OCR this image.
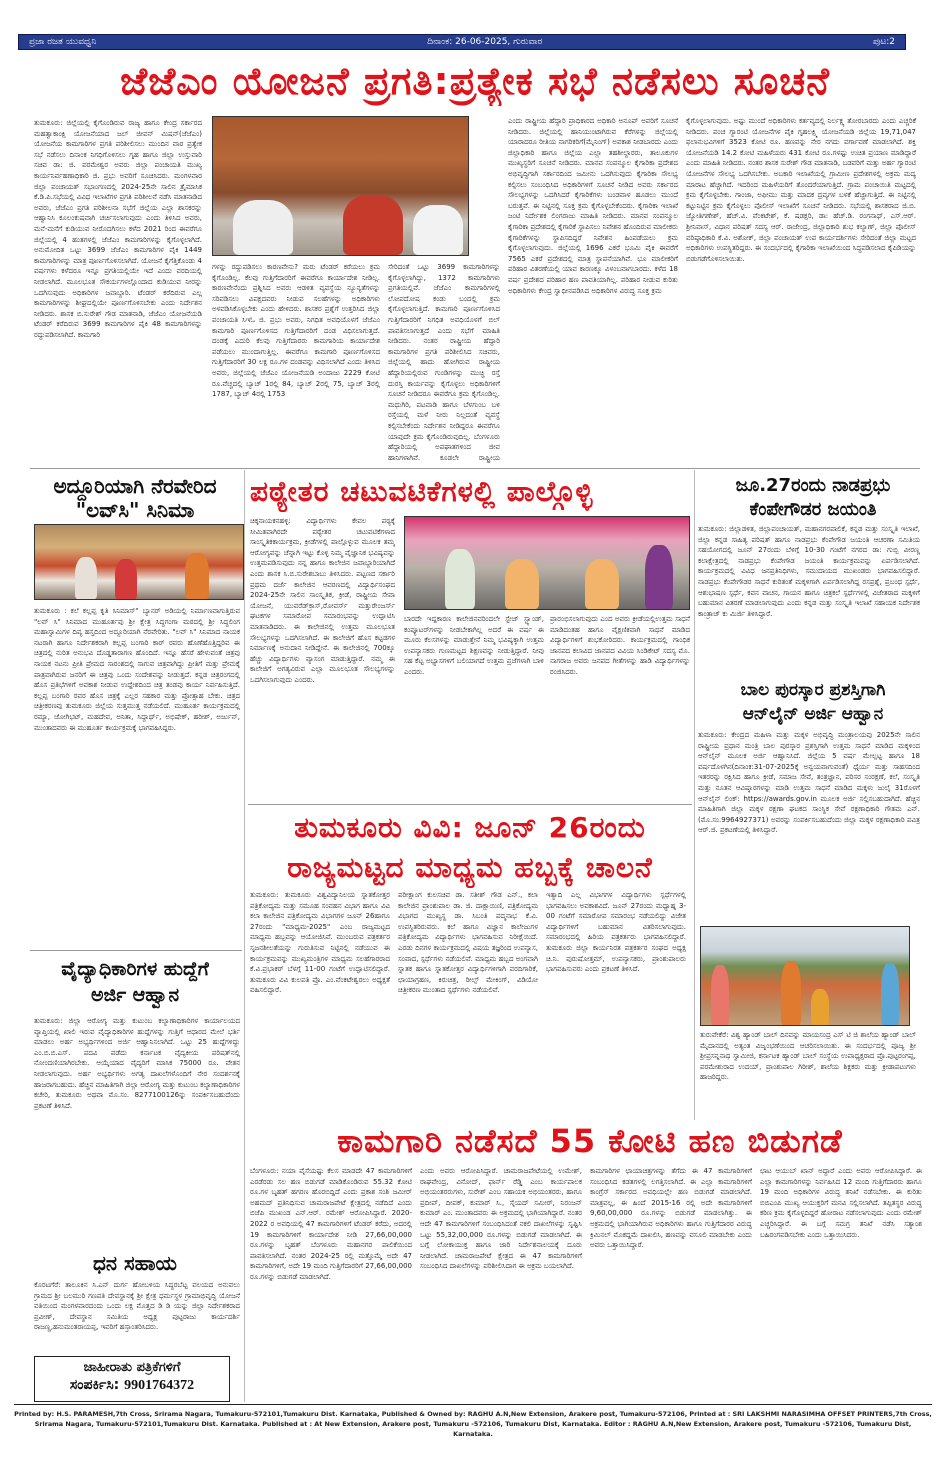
ಪ್ರಜಾ ರಜತ ಯುವಧ್ವನಿ	ದಿನಾಂಕ: 26-06-2025, ಗುರುವಾರ	ಪುಟ:2
ಜೆಜೆಎಂ ಯೋಜನೆ ಪ್ರಗತಿ:ಪ್ರತ್ಯೇಕ ಸಭೆ ನಡೆಸಲು ಸೂಚನೆ
ತುಮಕೂರು: ಜಿಲ್ಲೆಯಲ್ಲಿ ಕೈಗೊಂಡಿರುವ ರಾಜ್ಯ ಹಾಗೂ ಕೇಂದ್ರ ಸರ್ಕಾರದ ಮಹತ್ವಾಕಾಂಕ್ಷಿ ಯೋಜನೆಯಾದ ಜಲ್ ಜೀವನ್ ಮಿಷನ್(ಜೆಜೆಎಂ) ಯೋಜನೆಯ ಕಾಮಗಾರಿಗಳ ಪ್ರಗತಿ ಪರಿಶೀಲಿಸಲು ಮುಂದಿನ ವಾರ ಪ್ರತ್ಯೇಕ ಸಭೆ ನಡೆಸಲು ದಿನಾಂಕ ನಿಗಧಿಗೊಳಿಸಲು ಗೃಹ ಹಾಗೂ ಜಿಲ್ಲಾ ಉಸ್ತುವಾರಿ ಸಚಿವ ಡಾ: ಜಿ. ಪರಮೇಶ್ವರ ಅವರು ಜಿಲ್ಲಾ ಪಂಚಾಯತಿ ಮುಖ್ಯ ಕಾರ್ಯನಿರ್ವಹಣಾಧಿಕಾರಿ ಜಿ. ಪ್ರಭು ಅವರಿಗೆ ಸೂಚಿಸಿದರು. ಮಂಗಳವಾರ ಜಿಲ್ಲಾ ಪಂಚಾಯತ್ ಸಭಾಂಗಣದಲ್ಲಿ 2024-25ನೇ ಸಾಲಿನ ತ್ರೈಮಾಸಿಕ ಕೆ.ಡಿ.ಪಿ.ಸಭೆಯಲ್ಲಿ ವಿವಿಧ ಇಲಾಖೆಗಳ ಪ್ರಗತಿ ಪರಿಶೀಲನೆ ನಡೆಸಿ ಮಾತನಾಡಿದ ಅವರು, ಜೆಜೆಎಂ ಪ್ರಗತಿ ಪರಿಶೀಲನಾ ಸಭೆಗೆ ಜಿಲ್ಲೆಯ ಎಲ್ಲಾ ಶಾಸಕರನ್ನು ಆಹ್ವಾನಿಸಿ ಕೂಲಂಕುಷವಾಗಿ ಚರ್ಚಿಸಲಾಗುವುದು ಎಂದು ತಿಳಿಸಿದ ಅವರು, ಮನೆ-ಮನೆಗೆ ಕುಡಿಯುವ ನೀರೊದಗಿಸಲು ಕಳೆದ 2021 ರಿಂದ ಈವರೆಗೂ ಜಿಲ್ಲೆಯಲ್ಲಿ 4 ಹಂತಗಳಲ್ಲಿ ಜೆಜೆಎಂ ಕಾಮಗಾರಿಗಳನ್ನು ಕೈಗೊಳ್ಳಲಾಗಿದೆ. ಅನುಮೋದಿತ ಒಟ್ಟು 3699 ಜೆಜೆಎಂ ಕಾಮಗಾರಿಗಳ ಪೈಕಿ 1449 ಕಾಮಗಾರಿಗಳನ್ನು ಮಾತ್ರ ಪೂರ್ಣಗೊಳಿಸಲಾಗಿದೆ. ಯೋಜನೆ ಕೈಗೆತ್ತಿಕೊಂಡು 4 ವರ್ಷಗಳು ಕಳೆದರೂ ಇನ್ನೂ ಪ್ರಗತಿಯಲ್ಲಿಯೇ ಇದೆ ಎಂದು ವರದಿಯಲ್ಲಿ ನೀಡಲಾಗಿದೆ. ಮೂಲಭೂತ ಸೌಕರ್ಯಗಳಲ್ಲೊಂದಾದ ಕುಡಿಯುವ ನೀರನ್ನು ಒದಗಿಸುವುದು ಅಧಿಕಾರಿಗಳ ಜವಾಬ್ದಾರಿ. ಟೆಂಡರ್ ಕರೆದಿರುವ ಎಲ್ಲ ಕಾಮಗಾರಿಗಳನ್ನು ಶೀಘ್ರದಲ್ಲಿಯೇ ಪೂರ್ಣಗೊಳಿಸಬೇಕು ಎಂದು ನಿರ್ದೇಶನ ನೀಡಿದರು. ಶಾಸಕ ಬಿ.ಸುರೇಶ್ ಗೌಡ ಮಾತನಾಡಿ, ಜೆಜೆಎಂ ಯೋಜನೆಯಡಿ ಟೆಂಡರ್ ಕರೆದಿರುವ 3699 ಕಾಮಗಾರಿಗಳ ಪೈಕಿ 48 ಕಾಮಗಾರಿಗಳನ್ನು ರದ್ದುಪಡಿಸಲಾಗಿದೆ. ಕಾಮಗಾರಿ
ಗಳನ್ನು ರದ್ದುಪಡಿಸಲು ಕಾರಣವೇನು? ಮರು ಟೆಂಡರ್ ಕರೆಯಲು ಕ್ರಮ ಕೈಗೊಂಡಿಲ್ಲ. ಕೆಲವು ಗುತ್ತಿಗೆದಾರರಿಗೆ ಈವರೆಗೂ ಕಾರ್ಯಾದೇಶ ನೀಡಿಲ್ಲ. ಕಾರಣವೇನೆಂದು ಪ್ರಶ್ನಿಸಿದ ಅವರು ಆಡಳಿತ ವ್ಯವಸ್ಥೆಯ ನ್ಯೂನ್ಯತೆಗಳನ್ನು ಸರಿಪಡಿಸಲು ವಿಪಕ್ಷದವರು ನೀಡುವ ಸಲಹೆಗಳನ್ನು ಅಧಿಕಾರಿಗಳು ಅಳವಡಿಸಿಕೊಳ್ಳಬೇಕು ಎಂದು ಹೇಳಿದರು. ಶಾಸಕರ ಪ್ರಶ್ನೆಗೆ ಉತ್ತರಿಸಿದ ಜಿಲ್ಲಾ ಪಂಚಾಯತಿ ಸಿಇಓ ಜಿ. ಪ್ರಭು ಅವರು, ನಿಗಧಿತ ಅವಧಿಯೊಳಗೆ ಜೆಜೆಎಂ ಕಾಮಗಾರಿ ಪೂರ್ಣಗೊಳಿಸದ ಗುತ್ತಿಗೆದಾರರಿಗೆ ದಂಡ ವಿಧಿಸಲಾಗುತ್ತದೆ. ದಂಡಕ್ಕೆ ಎದುರಿ ಕೆಲವು ಗುತ್ತಿಗೆದಾರರು ಕಾಮಗಾರಿಯ ಕಾರ್ಯಾದೇಶ ಪಡೆಯಲು ಮುಂದಾಗುತ್ತಿಲ್ಲ. ಈವರೆಗೂ ಕಾಮಗಾರಿ ಪೂರ್ಣಗೊಳಿಸದ ಗುತ್ತಿಗೆದಾರರಿಗೆ 30 ಲಕ್ಷ ರೂ.ಗಳ ದಂಡವನ್ನು ವಿಧಿಸಲಾಗಿದೆ ಎಂದು ತಿಳಿಸಿದ ಅವರು, ಜಿಲ್ಲೆಯಲ್ಲಿ ಜೆಜೆಎಂ ಯೋಜನೆಯಡಿ ಅಂದಾಜು 2229 ಕೋಟಿ ರೂ.ವೆಚ್ಚದಲ್ಲಿ ಬ್ಯಾಚ್ 1ರಲ್ಲಿ 84, ಬ್ಯಾಚ್ 2ರಲ್ಲಿ 75, ಬ್ಯಾಚ್ 3ರಲ್ಲಿ 1787, ಬ್ಯಾಚ್ 4ರಲ್ಲಿ 1753
ಸೇರಿದಂತೆ ಒಟ್ಟು 3699 ಕಾಮಗಾರಿಗಳನ್ನು ಕೈಗೊಳ್ಳಲಾಗಿದ್ದು, 1372 ಕಾಮಗಾರಿಗಳು ಪ್ರಗತಿಯಲ್ಲಿವೆ. ಜೆಜೆಎಂ ಕಾಮಗಾರಿಗಳಲ್ಲಿ ಲೋಪದೋಷ ಕಂಡು ಬಂದಲ್ಲಿ ಕ್ರಮ ಕೈಗೊಳ್ಳಲಾಗುತ್ತಿದೆ. ಕಾಮಗಾರಿ ಪೂರ್ಣಗೊಳಿಸಿದ ಗುತ್ತಿಗೆದಾರರಿಗೆ ನಿಗಧಿತ ಅವಧಿಯೊಳಗೆ ಬಿಲ್ ಪಾವತಿಸಲಾಗುತ್ತದೆ ಎಂದು ಸಭೆಗೆ ಮಾಹಿತಿ ನೀಡಿದರು. ನಂತರ ರಾಷ್ಟ್ರೀಯ ಹೆದ್ದಾರಿ ಕಾಮಗಾರಿಗಳ ಪ್ರಗತಿ ಪರಿಶೀಲಿಸಿದ ಸಚಿವರು, ಜಿಲ್ಲೆಯಲ್ಲಿ ಹಾದು ಹೋಗಿರುವ ರಾಷ್ಟ್ರೀಯ ಹೆದ್ದಾರಿಯಲ್ಲಿರುವ ಗುಂಡಿಗಳನ್ನು ಮುಚ್ಚಿ ರಸ್ತೆ ದುರಸ್ತಿ ಕಾರ್ಯವನ್ನು ಕೈಗೊಳ್ಳಲು ಅಧಿಕಾರಿಗಳಿಗೆ ಸೂಚನೆ ನೀಡಿದರೂ ಈವರೆಗೂ ಕ್ರಮ ಕೈಗೊಂಡಿಲ್ಲ. ಮಧುಗಿರಿ, ಪಟವಾಡಿ ಹಾಗೂ ಬೆಳಗುಂಬ ಬಳಿ ರಸ್ತೆಯಲ್ಲಿ ಮಳೆ ನೀರು ನಿಲ್ಲದಂತೆ ವ್ಯವಸ್ಥೆ ಕಲ್ಪಿಸಬೇಕೆಂದು ನಿರ್ದೇಶನ ನೀಡಿದ್ದರೂ ಈವರೆಗೂ ಯಾವುದೇ ಕ್ರಮ ಕೈಗೊಂಡಿರುವುದಿಲ್ಲ. ಬೆಂಗಳೂರು ಹೆದ್ದಾರಿಯಲ್ಲಿ ಅಪಘಾತಗಳಿಂದ ಜೀವ ಹಾನಿಗಳಾಗಿವೆ. ಕೂಡಲೇ ರಾಷ್ಟ್ರೀಯ
ಎಂದು ರಾಷ್ಟ್ರೀಯ ಹೆದ್ದಾರಿ ಪ್ರಾಧಿಕಾರದ ಅಧಿಕಾರಿ ಅನೂಪ್ ಅವರಿಗೆ ಸೂಚನೆ ನೀಡಿದರು. ಜಿಲ್ಲೆಯಲ್ಲಿ ಹಾನಿಯುಂಟಾಗಿರುವ ಕೆರೆಗಳನ್ನು ಜಿಲ್ಲೆಯಲ್ಲಿ ಯಾರಾದರೂ ರೀತಿಯ ನಾಗರಿಕರಿಗೆ(ಮೈನಿಂಗ್) ಅವಕಾಶ ನೀಡಬಾರದು ಎಂದು ಜಿಲ್ಲಾಧಿಕಾರಿ ಹಾಗೂ ಜಿಲ್ಲೆಯ ಎಲ್ಲಾ ತಹಶೀಲ್ದಾರರು, ತಾಲೂಕುಗಳ ಮುಖ್ಯಸ್ಥರಿಗೆ ಸೂಚನೆ ನೀಡಿದರು. ಮಾನವ ಸಂಪನ್ಮೂಲ ಕೈಗಾರಿಕಾ ಪ್ರದೇಶದ ಅಭಿವೃದ್ಧಿಗಾಗಿ ಸರ್ಕಾರದಿಂದ ಜಮೀನು ಒದಗಿಸುವುದು ಕೈಗಾರಿಕಾ ಸೌಲಭ್ಯ ಕಲ್ಪಿಸಲು ಸಂಬಂಧಿಸಿದ ಅಧಿಕಾರಿಗಳಿಗೆ ಸೂಚನೆ ನೀಡಿದ ಅವರು ಸರ್ಕಾರದ ಸೌಲಭ್ಯಗಳನ್ನು ಒದಗಿಸಿದರೆ ಕೈಗಾರಿಕೆಗಳು ಬಂಡವಾಳ ಹೂಡಲು ಮುಂದೆ ಬರುತ್ತವೆ. ಈ ನಿಟ್ಟಿನಲ್ಲಿ ಸೂಕ್ತ ಕ್ರಮ ಕೈಗೊಳ್ಳಬೇಕೆಂದರು. ಕೈಗಾರಿಕಾ ಇಲಾಖೆ ಜಂಟಿ ನಿರ್ದೇಶಕ ಲಿಂಗರಾಜು ಮಾಹಿತಿ ನೀಡಿದರು. ಮಾನವ ಸಂಪನ್ಮೂಲ ಕೈಗಾರಿಕಾ ಪ್ರದೇಶದಲ್ಲಿ ಕೈಗಾರಿಕೆ ಸ್ಥಾಪಿಸಲು ನಿವೇಶನ ಹೊಂದಿರುವ ಮಾಲೀಕರು ಕೈಗಾರಿಕೆಗಳನ್ನು ಸ್ಥಾಪಿಸದಿದ್ದರೆ ನಿವೇಶನ ಹಿಂಪಡೆಯಲು ಕ್ರಮ ಕೈಗೊಳ್ಳಲಾಗುವುದು. ಜಿಲ್ಲೆಯಲ್ಲಿ 1696 ಎಕರೆ ಭೂಮಿ ಪೈಕಿ ಈವರೆಗೆ 7565 ಎಕರೆ ಪ್ರದೇಶದಲ್ಲಿ ಮಾತ್ರ ಸ್ಥಾಪನೆಯಾಗಿವೆ. ಭೂ ಮಾಲೀಕರಿಗೆ ಪರಿಹಾರ ವಿತರಣೆಯಲ್ಲಿ ಯಾವ ಕಾರಣಕ್ಕೂ ವಿಳಂಬವಾಗಬಾರದು. ಕಳೆದ 18 ವರ್ಷ ಪ್ರದೇಶದ ಪರಿಹಾರ ಹಣ ಪಾವತಿಯಾಗಿಲ್ಲ. ಪರಿಹಾರ ನೀಡುವ ಕುರಿತು ಅಧಿಕಾರಿಗಳು ಕೇಂದ್ರ ಸ್ವಾಧೀನಪಡಿಸಿದ ಅಧಿಕಾರಿಗಳ ವಿರುದ್ಧ ಸೂಕ್ತ ಕ್ರಮ
ಕೈಗೊಳ್ಳಲಾಗುವುದು. ಅಷ್ಟು ಮುಂದೆ ಅಧಿಕಾರಿಗಳು ಕರ್ತವ್ಯದಲ್ಲಿ ನಿರ್ಲಕ್ಷ್ಯ ತೋರಬಾರದು ಎಂದು ಎಚ್ಚರಿಕೆ ನೀಡಿದರು. ಪಂಚ ಗ್ಯಾರಂಟಿ ಯೋಜನೆಗಳ ಪೈಕಿ ಗೃಹಲಕ್ಷ್ಮಿ ಯೋಜನೆಯಡಿ ಜಿಲ್ಲೆಯ 19,71,047 ಫಲಾನುಭವಿಗಳಿಗೆ 3523 ಕೋಟಿ ರೂ. ಹಣವನ್ನು ನೇರ ನಗದು ವರ್ಗಾವಣೆ ಮಾಡಲಾಗಿದೆ. ಶಕ್ತಿ ಯೋಜನೆಯಡಿ 14.2 ಕೋಟಿ ಮಹಿಳೆಯರು 431 ಕೋಟಿ ರೂ.ಗಳಷ್ಟು ಉಚಿತ ಪ್ರಯಾಣ ಮಾಡಿದ್ದಾರೆ ಎಂದು ಮಾಹಿತಿ ನೀಡಿದರು. ನಂತರ ಶಾಸಕ ಸುರೇಶ್ ಗೌಡ ಮಾತನಾಡಿ, ಬಡವರಿಗೆ ಮತ್ತು ಅರ್ಹ ಗ್ಯಾರಂಟಿ ಯೋಜನೆಗಳ ಸೌಲಭ್ಯ ಒದಗಿಸಬೇಕು. ಅಬಕಾರಿ ಇಲಾಖೆಯಲ್ಲಿ ಗ್ರಾಮೀಣ ಪ್ರದೇಶಗಳಲ್ಲಿ ಅಕ್ರಮ ಮದ್ಯ ಮಾರಾಟ ಹೆಚ್ಚಾಗಿದೆ. ಇದರಿಂದ ಮಹಿಳೆಯರಿಗೆ ತೊಂದರೆಯಾಗುತ್ತಿದೆ. ಗ್ರಾಮ ಪಂಚಾಯಿತಿ ಮಟ್ಟದಲ್ಲಿ ಕ್ರಮ ಕೈಗೊಳ್ಳಬೇಕು. ಗಾಂಜಾ, ಅಫೀಮು ಮತ್ತು ಮಾದಕ ದ್ರವ್ಯಗಳ ಬಳಕೆ ಹೆಚ್ಚಾಗುತ್ತಿದೆ. ಈ ನಿಟ್ಟಿನಲ್ಲಿ ಕಟ್ಟುನಿಟ್ಟಿನ ಕ್ರಮ ಕೈಗೊಳ್ಳಲು ಪೊಲೀಸ್ ಇಲಾಖೆಗೆ ಸೂಚನೆ ನೀಡಿದರು. ಸಭೆಯಲ್ಲಿ ಶಾಸಕರಾದ ಜಿ.ಬಿ. ಜ್ಯೋತಿಗಣೇಶ್, ಹೆಚ್.ವಿ. ವೆಂಕಟೇಶ್, ಕೆ. ಷಡಕ್ಷರಿ, ಡಾ: ಹೆಚ್.ಡಿ. ರಂಗನಾಥ್, ಎಸ್.ಆರ್. ಶ್ರೀನಿವಾಸ್, ವಿಧಾನ ಪರಿಷತ್ ಸದಸ್ಯ ಆರ್. ರಾಜೇಂದ್ರ, ಜಿಲ್ಲಾಧಿಕಾರಿ ಶುಭ ಕಲ್ಯಾಣ್, ಜಿಲ್ಲಾ ಪೊಲೀಸ್ ವರಿಷ್ಠಾಧಿಕಾರಿ ಕೆ.ವಿ. ಅಶೋಕ್, ಜಿಲ್ಲಾ ಪಂಚಾಯತ್ ಉಪ ಕಾರ್ಯದರ್ಶಿಗಳು ಸೇರಿದಂತೆ ಜಿಲ್ಲಾ ಮಟ್ಟದ ಅಧಿಕಾರಿಗಳು ಉಪಸ್ಥಿತರಿದ್ದರು. ಈ ಸಂದರ್ಭದಲ್ಲಿ ಕೈಗಾರಿಕಾ ಇಲಾಖೆಯಿಂದ ಸಿದ್ಧಪಡಿಸಲಾದ ಕೈಪಿಡಿಯನ್ನು ಬಿಡುಗಡೆಗೊಳಿಸಲಾಯಿತು.
ಅದ್ದೂರಿಯಾಗಿ ನೆರವೇರಿದ
"ಲವ್‌ಸಿ" ಸಿನಿಮಾ
ತುಮಕೂರು : ಕಲೆ ಕಲ್ಲಪ್ಪ ಕೃತಿ ಸಿನಿಮಾಸ್" ಬ್ಯಾನರ್ ಅಡಿಯಲ್ಲಿ ನಿರ್ಮಾಣವಾಗುತ್ತಿರುವ "ಲವ್ ಸಿ" ಸಿನಿಮಾದ ಮುಹೂರ್ತವು ಶ್ರೀ ಕ್ಷೇತ್ರ ಸಿದ್ಧಗಂಗಾ ಮಠದಲ್ಲಿ ಶ್ರೀ ಸಿದ್ಧಲಿಂಗ ಮಹಾಸ್ವಾಮಿಗಳ ದಿವ್ಯ ಹಸ್ತದಿಂದ ಅದ್ದೂರಿಯಾಗಿ ನೆರವೇರಿತು. "ಲವ್ ಸಿ" ಸಿನಿಮಾದ ನಾಯಕ ನಟರಾಗಿ ಹಾಗೂ ನಿರ್ದೇಶಕರಾಗಿ ಕಲ್ಲಪ್ಪ ಬಂಗಾರಿ ಕಾರ್ ರವರು ಹೊಣೆಹೊತ್ತಿದ್ದರಿವ ಈ ಚಿತ್ರದಲ್ಲಿ ನುರಿತ ಅನುಭವಿ ದೊಡ್ಡತಾರಾಗಣ ಹೊಂದಿದೆ. ಇನ್ನೂ ಹೆಸರೆ ಹೇಳುವಂತೆ ಚಿತ್ರವು ನಾಯಕ ನಟನು ಪ್ರೀತಿ ಪ್ರೇಮದ ಸಾರಂಶದಲ್ಲಿ ಸಾಗುವ ಚಿತ್ರವಾಗಿದ್ದು ಪ್ರೀತಿಗೆ ಮತ್ತು ಪ್ರೇಮಕ್ಕೆ ಪಾತ್ರವಾಗಿರುವ ಜನರಿಗೆ ಈ ಚಿತ್ರವು ಒಂದು ಸಂದೇಶವನ್ನು ನೀಡುತ್ತದೆ. ಕನ್ನಡ ಚಿತ್ರರಂಗದಲ್ಲಿ ಹೊಸ ಪ್ರತಿಭೆಗಳಿಗೆ ಅವಕಾಶ ನೀಡುವ ಉದ್ದೇಶದಿಂದ ಚಿತ್ರ ತಂಡವು ಕಾರ್ಯ ನಿರ್ವಹಿಸುತ್ತಿದೆ. ಕಲ್ಲಪ್ಪ ಬಂಗಾರಿ ರವರ ಹೊಸ ಚಿತ್ರಕ್ಕೆ ಎಲ್ಲರ ಸಹಕಾರ ಮತ್ತು ಪ್ರೋತ್ಸಾಹ ಬೇಕು. ಚಿತ್ರದ ಚಿತ್ರೀಕರಣವು ತುಮಕೂರು ಜಿಲ್ಲೆಯ ಸುತ್ತಮುತ್ತ ನಡೆಯಲಿದೆ. ಮುಹೂರ್ತ ಕಾರ್ಯಕ್ರಮದಲ್ಲಿ ರಮ್ಯಾ, ಜೋಗಿಭಟ್, ಮಹದೇವ, ಅನಿತಾ, ಸಿದ್ದಾರ್ಥ್, ಅಭಿಷೇಕ್, ಹರೀಶ್, ಅರ್ಜುನ್, ಮುಂತಾದವರು ಈ ಮುಹೂರ್ತ ಕಾರ್ಯಕ್ರಮಕ್ಕೆ ಭಾಗವಹಿಸಿದ್ದರು.
ಪಠ್ಯೇತರ ಚಟುವಟಿಕೆಗಳಲ್ಲಿ ಪಾಲ್ಗೊಳ್ಳಿ
ಚಿಕ್ಕನಾಯಕನಹಳ್ಳಿ: ವಿದ್ಯಾರ್ಥಿಗಳು ಕೇವಲ ಪಠ್ಯಕ್ಕೆ ಸೀಮಿತವಾಗಿರದೇ ಪಠ್ಯೇತರ ಚಟುವಟಿಕೆಗಳಾದ ಸಾಂಸ್ಕೃತಿಕಕಾರ್ಯಕ್ರಮ, ಕ್ರೀಡೆಗಳಲ್ಲಿ ಪಾಲ್ಗೊಳ್ಳುವ ಮೂಲಕ ತಮ್ಮ ಆರೋಗ್ಯವನ್ನು ಚೆನ್ನಾಗಿ ಇಟ್ಟು ಕೊಳ್ಳಿ ನಿಮ್ಮ ವೈಜ್ಞಾನಿಕ ಭವಿಷ್ಯವನ್ನು ಉತ್ತಮಪಡಿಸುವುದು ನನ್ನ ಹಾಗೂ ಕಾಲೇಜಿನ ಜವಾಬ್ದಾರಿಯಾಗಿದೆ ಎಂದು ಶಾಸಕ ಸಿ.ಬಿ.ಸುರೇಶಬಾಬು ತಿಳಿಸಿದರು. ಪಟ್ಟಣದ ಸರ್ಕಾರಿ ಪ್ರಥಮ ದರ್ಜೆ ಕಾಲೇಜಿನ ಆವರಣದಲ್ಲಿ ವಿದ್ಯಾರ್ಥಿಸಂಘದ 2024-25ನೇ ಸಾಲಿನ ಸಾಂಸ್ಕೃತಿಕ, ಕ್ರೀಡೆ, ರಾಷ್ಟ್ರೀಯ ಸೇವಾ ಯೋಜನೆ, ಯುವರೆಡ್‌ಕ್ರಾಸ್,ರೋವರ್ಸ್ ಮತ್ತುರೇಂಜರ್ಸ್ ಘಟಕಗಳ ಸಮಾರೋಪ ಸಮಾರಂಭವನ್ನು ಉದ್ಘಾಟಿಸಿ ಮಾತನಾಡಿದರು. ಈ ಕಾಲೇಜಿನಲ್ಲಿ ಉತ್ತಮ ಮೂಲಭೂತ ಸೌಲಭ್ಯಗಳನ್ನು ಒದಗಿಸಲಾಗಿದೆ. ಈ ಕಾಲೇಜಿಗೆ ಹೊಸ ಕಟ್ಟಡಗಳ ನಿರ್ಮಾಣಕ್ಕೆ ಅನುದಾನ ನೀಡಿದ್ದೇನೆ. ಈ ಕಾಲೇಜಿನಲ್ಲಿ 700ಕ್ಕೂ ಹೆಚ್ಚು ವಿದ್ಯಾರ್ಥಿಗಳು ವ್ಯಾಸಂಗ ಮಾಡುತ್ತಿದ್ದಾರೆ. ನಮ್ಮ ಈ ಕಾಲೇಜಿಗೆ ಅಗತ್ಯವಿರುವ ಎಲ್ಲಾ ಮೂಲಭೂತ ಸೌಲಭ್ಯಗಳನ್ನು ಒದಗಿಸಲಾಗುವುದು ಎಂದರು.
ಬಾರದೇ ಇದ್ದಕಾರಣ ಕಾಲೇಜಿನವರಿಂದಲೇ ಸ್ಟೇಜ್ ಸ್ಟ್ಯಾಂಡ್, ಕಂಪ್ಯೂಟರ್‌ಗಳನ್ನು ನೀಡಬೇಕಾಗಿಲ್ಲ ಅದರೆ ಈ ವರ್ಷ ಈ ಮೂರು ಕೆಲಸಗಳನ್ನು ಮಾಡುತ್ತೇನೆ ನಿಮ್ಮ ಭವಿಷ್ಯಕ್ಕಾಗಿ ಉತ್ತಮ ಉಪನ್ಯಾಸಕರು ಗುಣಮಟ್ಟದ ಶಿಕ್ಷಣವನ್ನು ನೀಡುತ್ತಿದ್ದಾರೆ. ನೀವು ಸಹ ಕೆಟ್ಟ ಅಭ್ಯಾಸಗಳಿಗೆ ಬಲಿಯಾಗದೆ ಉತ್ತಮ ಪ್ರಜೆಗಳಾಗಿ ಬಾಳಿ ಎಂದರು.
ಪ್ರಾರಂಭಿಸಲಾಗುವುದು ಎಂದ ಅವರು ಕ್ರೀಡೆಯಲ್ಲಿಉತ್ತಮ ಸಾಧನೆ ಮಾಡಿದಂತಹ ಹಾಗೂ ವೈಕ್ಷಣಿಕವಾಗಿ ಸಾಧನೆ ಮಾಡಿದ ವಿದ್ಯಾರ್ಥಿಗಳಿಗೆ ಶುಭಕೋರಿದರು. ಕಾರ್ಯಕ್ರಮದಲ್ಲಿ ಗಾಂಧಿಕ ಜಾನಪದ ಕಲಾವಿದ ಜಾನಪದ ವಿವಿಯ ಸಿಂಡಿಕೇಟ್ ಸದಸ್ಯ ಮೊ. ನಾಗರಾಜ ಅವರು ಜನಪದ ಗೀತೆಗಳನ್ನು ಹಾಡಿ ವಿದ್ಯಾರ್ಥಿಗಳನ್ನು ರಂಜಿಸಿದರು.
ಜೂ.27ರಂದು ನಾಡಪ್ರಭು
ಕೆಂಪೇಗೌಡರ ಜಯಂತಿ
ತುಮಕೂರು: ಜಿಲ್ಲಾಡಳಿತ, ಜಿಲ್ಲಾಪಂಚಾಯತ್, ಮಹಾನಗರಪಾಲಿಕೆ, ಕನ್ನಡ ಮತ್ತು ಸಂಸ್ಕೃತಿ ಇಲಾಖೆ, ಜಿಲ್ಲಾ ಕನ್ನಡ ಸಾಹಿತ್ಯ ಪರಿಷತ್ ಹಾಗೂ ನಾಡಪ್ರಭು ಕೆಂಪೇಗೌಡ ಜಯಂತಿ ಆಚರಣಾ ಸಮಿತಿಯ ಸಹಯೋಗದಲ್ಲಿ ಜೂನ್ 27ರಂದು ಬೆಳಿಗ್ಗೆ 10-30 ಗಂಟೆಗೆ ನಗರದ ಡಾ: ಗುಬ್ಬಿ ವೀರಣ್ಣ ಕಲಾಕ್ಷೇತ್ರದಲ್ಲಿ ನಾಡಪ್ರಭು ಕೆಂಪೇಗೌಡ ಜಯಂತಿ ಕಾರ್ಯಕ್ರಮವನ್ನು ಏರ್ಪಡಿಸಲಾಗಿದೆ. ಕಾರ್ಯಕ್ರಮದಲ್ಲಿ ವಿವಿಧ ಜನಪ್ರತಿನಿಧಿಗಳು, ಸಮುದಾಯದ ಮುಖಂಡರು ಭಾಗವಹಿಸಲಿದ್ದಾರೆ. ನಾಡಪ್ರಭು ಕೆಂಪೇಗೌಡರ ಸಾಧನೆ ಕುರಿತಂತೆ ಮಕ್ಕಳಿಗಾಗಿ ಏರ್ಪಡಿಸಲಾಗಿದ್ದ ರಸಪ್ರಶ್ನೆ, ಪ್ರಬಂಧ ಸ್ಪರ್ಧೆ, ಆಶುಭಾಷಣ ಸ್ಪರ್ಧೆ, ಕವನ ವಾಚನ, ಗಾಯನ ಹಾಗೂ ಚಿತ್ರಕಲೆ ಸ್ಪರ್ಧೆಗಳಲ್ಲಿ ವಿಜೇತರಾದ ಮಕ್ಕಳಿಗೆ ಬಹುಮಾನ ವಿತರಣೆ ಮಾಡಲಾಗುವುದು ಎಂದು ಕನ್ನಡ ಮತ್ತು ಸಂಸ್ಕೃತಿ ಇಲಾಖೆ ಸಹಾಯಕ ನಿರ್ದೇಶಕ ಕಾಂತ್ರಾಜ್ ಕು ಮಿರ್ಜಿ ತಿಳಿಸಿದ್ದಾರೆ.
ಬಾಲ ಪುರಸ್ಕಾರ ಪ್ರಶಸ್ತಿಗಾಗಿ
ಆನ್‌ಲೈನ್ ಅರ್ಜಿ ಆಹ್ವಾನ
ತುಮಕೂರು: ಕೇಂದ್ರದ ಮಹಿಳಾ ಮತ್ತು ಮಕ್ಕಳ ಅಭಿವೃದ್ಧಿ ಮಂತ್ರಾಲಯವು 2025ನೇ ಸಾಲಿನ ರಾಷ್ಟ್ರೀಯ ಪ್ರಧಾನ ಮಂತ್ರಿ ಬಾಲ ಪುರಸ್ಕಾರ ಪ್ರಶಸ್ತಿಗಾಗಿ ಉತ್ತಮ ಸಾಧನೆ ಮಾಡಿದ ಮಕ್ಕಳಿಂದ ಆನ್‌ಲೈನ್ ಮೂಲಕ ಅರ್ಜಿ ಆಹ್ವಾನಿಸಿದೆ. ಜಿಲ್ಲೆಯ 5 ವರ್ಷ ಮೇಲ್ಪಟ್ಟ ಹಾಗೂ 18 ವರ್ಷದೊಳಗಿನ(ದಿನಾಂಕ:31-07-2025ಕ್ಕೆ ಅನ್ವಯವಾಗುವಂತೆ) ಧೈರ್ಯ ಮತ್ತು ಸಾಹಸದಿಂದ ಇತರರನ್ನು ರಕ್ಷಿಸಿದ ಹಾಗೂ ಕ್ರೀಡೆ, ಸಮಾಜ ಸೇವೆ, ತಂತ್ರಜ್ಞಾನ, ಪರಿಸರ ಸಂರಕ್ಷಣೆ, ಕಲೆ, ಸಂಸ್ಕೃತಿ ಮತ್ತು ನೂತನ ಆವಿಷ್ಕಾರಗಳನ್ನು ಮಾಡಿ ಉತ್ತಮ ಸಾಧನೆ ಮಾಡಿದ ಮಕ್ಕಳು ಜುಲೈ 31ರೊಳಗೆ ಆನ್‌ಲೈನ್ ಲಿಂಕ್: https://awards.gov.in ಮೂಲಕ ಅರ್ಜಿ ಸಲ್ಲಿಸಬಹುದಾಗಿದೆ. ಹೆಚ್ಚಿನ ಮಾಹಿತಿಗಾಗಿ ಜಿಲ್ಲಾ ಮಕ್ಕಳ ರಕ್ಷಣಾ ಘಟಕದ ಸಾಂಸ್ಥಿಕ ಸೇವೆ ರಕ್ಷಣಾಧಿಕಾರಿ ಗೌತಮ ಎನ್.(ಮೊ.ಸಂ.9964927371) ಅವರನ್ನು ಸಂಪರ್ಕಿಸಬಹುದೆಂದು ಜಿಲ್ಲಾ ಮಕ್ಕಳ ರಕ್ಷಣಾಧಿಕಾರಿ ಪವಿತ್ರ ಆರ್.ಜಿ. ಪ್ರಕಟಣೆಯಲ್ಲಿ ತಿಳಿಸಿದ್ದಾರೆ.
ತುರುವೇಕೆರೆ: ವಿಶ್ವ ಹ್ಯಾಂಡ್ ಬಾಲ್ ದಿನವನ್ನು ಮಾಯಸಂದ್ರ ಎಸ್ ಟಿ ಜಿ ಶಾಲೆಯ ಹ್ಯಾಂಡ್ ಬಾಲ್ ಮೈದಾನದಲ್ಲಿ ಅತ್ಯಂತ ವಿಜೃಂಭಣೆಯಿಂದ ಆಚರಿಸಲಾಯಿತು. ಈ ಸಂದರ್ಭದಲ್ಲಿ ಪೂಜ್ಯ ಶ್ರೀ ಶ್ರೀಪ್ರಸನ್ನನಾಥ ಸ್ವಾಮೀಜಿ, ಕರ್ನಾಟಕ ಹ್ಯಾಂಡ್ ಬಾಲ್ ಸಂಸ್ಥೆಯ ಉಪಾಧ್ಯಕ್ಷರಾದ ಪ್ರೊ.ಪುಟ್ಟರಂಗಪ್ಪ, ಪರಮೇಶುರಾದ ಉದಯ್, ಪ್ರಾಂಶುಪಾಲ ಗಿರೀಶ್, ಶಾಲೆಯ ಶಿಕ್ಷಕರು ಮತ್ತು ಕ್ರೀಡಾಪಟುಗಳು ಹಾಜರಿದ್ದರು.
ತುಮಕೂರು ವಿವಿ: ಜೂನ್ 26ರಂದು
ರಾಜ್ಯಮಟ್ಟದ ಮಾಧ್ಯಮ ಹಬ್ಬಕ್ಕೆ ಚಾಲನೆ
ತುಮಕೂರು: ತುಮಕೂರು ವಿಶ್ವವಿದ್ಯಾನಿಲಯ ಸ್ನಾತಕೋತ್ತರ ಪತ್ರಿಕೋದ್ಯಮ ಮತ್ತು ಸಮೂಹ ಸಂವಹನ ವಿಭಾಗ ಹಾಗೂ ವಿವಿ ಕಲಾ ಕಾಲೇಜಿನ ಪತ್ರಿಕೋದ್ಯಮ ವಿಭಾಗಗಳ ಜೂನ್ 26ಹಾಗೂ 27ರಂದು "ಮಾಧ್ಯಮ-2025" ಎಂಬ ರಾಜ್ಯಮಟ್ಟದ ಮಾಧ್ಯಮ ಹಬ್ಬವನ್ನು ಆಯೋಜಿಸಿವೆ. ಮುಂಬರುವ ಪತ್ರಕರ್ತರ ಸೃಜನಶೀಲತೆಯನ್ನು ಗುರುತಿಸುವ ನಿಟ್ಟಿನಲ್ಲಿ ನಡೆಯುವ ಈ ಕಾರ್ಯಕ್ರಮವನ್ನು ಮುಖ್ಯಮಂತ್ರಿಗಳ ಮಾಧ್ಯಮ ಸಲಹೆಗಾರರಾದ ಕೆ.ವಿ.ಪ್ರಭಾಕರ್ ಬೆಳಗ್ಗೆ 11-00 ಗಂಟೆಗೆ ಉದ್ಘಾಟಿಸಲಿದ್ದಾರೆ. ತುಮಕೂರು ವಿವಿ ಕುಲಪತಿ ಪ್ರೊ. ಎಂ.ವೆಂಕಟೇಶ್ವರಲು ಅಧ್ಯಕ್ಷತೆ ವಹಿಸಲಿದ್ದಾರೆ.
ಪರೀಕ್ಷಾಂಗ ಕುಲಸಚಿವ ಡಾ. ಸತೀಶ್ ಗೌಡ ಎನ್., ಕಲಾ ಕಾಲೇಜಿನ ಪ್ರಾಂಶುಪಾಲ ಡಾ. ಜಿ. ದಾಕ್ಷಾಯಿಣಿ, ಪತ್ರಿಕೋದ್ಯಮ ವಿಭಾಗದ ಮುಖ್ಯಸ್ಥ ಡಾ. ಸಿಬಂತಿ ಪದ್ಮನಾಭ ಕೆ.ವಿ. ಉಪಸ್ಥಿತರಿರುವರು. ಕಲೆ ಹಾಗೂ ವಿಜ್ಞಾನ ಕಾಲೇಜುಗಳ ಪತ್ರಿಕೋದ್ಯಮ ವಿದ್ಯಾರ್ಥಿಗಳು ಭಾಗವಹಿಸುವ ನಿರೀಕ್ಷೆಯಿದೆ. ಎರಡು ದಿನಗಳ ಕಾರ್ಯಕ್ರಮದಲ್ಲಿ ವಿಷಯ ತಜ್ಞರಿಂದ ಉಪನ್ಯಾಸ, ಸಂವಾದ, ಸ್ಪರ್ಧೆಗಳು ನಡೆಯಲಿವೆ. ಮಾಧ್ಯಮ ಹಬ್ಬದ ಅಂಗವಾಗಿ ಸ್ನಾತಕ ಹಾಗೂ ಸ್ನಾತಕೋತ್ತರ ವಿದ್ಯಾರ್ಥಿಗಳಿಗಾಗಿ ವರದಿಗಾರಿಕೆ, ಛಾಯಾಗ್ರಹಣ, ಕಿರುಚಿತ್ರ, ರೀಲ್ಸ್ ಮೇಕಿಂಗ್, ವಿಡಿಯೋ ಚಿತ್ರೀಕರಣ ಮುಂತಾದ ಸ್ಪರ್ಧೆಗಳು ನಡೆಯಲಿವೆ.
ಇತ್ಯಾದಿ ಎಲ್ಲ ವಿಭಾಗಗಳ ವಿದ್ಯಾರ್ಥಿಗಳು ಸ್ಪರ್ಧೆಗಳಲ್ಲಿ ಭಾಗವಹಿಸಲು ಅವಕಾಶವಿದೆ. ಜೂನ್ 27ರಂದು ಮಧ್ಯಾಹ್ನ 3-00 ಗಂಟೆಗೆ ಸಮಾರೋಪ ಸಮಾರಂಭ ನಡೆಯಲಿದ್ದು ವಿಜೇತ ವಿದ್ಯಾರ್ಥಿಗಳಿಗೆ ಬಹುಮಾನ ವಿತರಿಸಲಾಗುವುದು. ಸಮಾರಂಭದಲ್ಲಿ ಹಿರಿಯ ಪತ್ರಕರ್ತರು ಭಾಗವಹಿಸಲಿದ್ದಾರೆ. ತುಮಕೂರು ಜಿಲ್ಲಾ ಕಾರ್ಯನಿರತ ಪತ್ರಕರ್ತರ ಸಂಘದ ಅಧ್ಯಕ್ಷ ಚಿ.ನಿ. ಪುರುಷೋತ್ತಮ್, ಉಪನ್ಯಾಸಕರು, ಪ್ರಾಂಶುಪಾಲರು ಭಾಗವಹಿಸುವರು ಎಂದು ಪ್ರಕಟಣೆ ತಿಳಿಸಿದೆ.
ವೈದ್ಯಾಧಿಕಾರಿಗಳ ಹುದ್ದೆಗೆ
ಅರ್ಜಿ ಆಹ್ವಾನ
ತುಮಕೂರು: ಜಿಲ್ಲಾ ಆರೋಗ್ಯ ಮತ್ತು ಕುಟುಂಬ ಕಲ್ಯಾಣಾಧಿಕಾರಿಗಳ ಕಾರ್ಯಾಲಯದ ವ್ಯಾಪ್ತಿಯಲ್ಲಿ ಖಾಲಿ ಇರುವ ವೈದ್ಯಾಧಿಕಾರಿಗಳ ಹುದ್ದೆಗಳನ್ನು ಗುತ್ತಿಗೆ ಆಧಾರದ ಮೇಲೆ ಭರ್ತಿ ಮಾಡಲು ಅರ್ಹ ಅಭ್ಯರ್ಥಿಗಳಿಂದ ಅರ್ಜಿ ಆಹ್ವಾನಿಸಲಾಗಿದೆ. ಒಟ್ಟು 25 ಹುದ್ದೆಗಳಿದ್ದು ಎಂ.ಬಿ.ಬಿ.ಎಸ್. ಪದವಿ ಪಡೆದು ಕರ್ನಾಟಕ ವೈದ್ಯಕೀಯ ಪರಿಷತ್‌ನಲ್ಲಿ ನೋಂದಣಿಯಾಗಿರಬೇಕು. ಆಯ್ಕೆಯಾದ ವೈದ್ಯರಿಗೆ ಮಾಸಿಕ 75000 ರೂ. ವೇತನ ನೀಡಲಾಗುವುದು. ಅರ್ಹ ಅಭ್ಯರ್ಥಿಗಳು ಅಗತ್ಯ ದಾಖಲೆಗಳೊಂದಿಗೆ ನೇರ ಸಂದರ್ಶನಕ್ಕೆ ಹಾಜರಾಗಬಹುದು. ಹೆಚ್ಚಿನ ಮಾಹಿತಿಗಾಗಿ ಜಿಲ್ಲಾ ಆರೋಗ್ಯ ಮತ್ತು ಕುಟುಂಬ ಕಲ್ಯಾಣಾಧಿಕಾರಿಗಳ ಕಚೇರಿ, ತುಮಕೂರು ಅಥವಾ ಮೊ.ಸಂ. 8277100126ನ್ನು ಸಂಪರ್ಕಿಸಬಹುದೆಂದು ಪ್ರಕಟಣೆ ತಿಳಿಸಿದೆ.
ಧನ ಸಹಾಯ
ಕೊರಟಗೆರೆ: ತಾಲೂಕಿನ ಸಿ.ಎನ್ ದುರ್ಗ ಹೋಬಳಿಯ ಸಿದ್ಧರಬೆಟ್ಟ ವಲಯದ ಅನುವಲು ಗ್ರಾಮದ ಶ್ರೀ ಬಲಮುರಿ ಗಣಪತಿ ದೇವಸ್ಥಾನಕ್ಕೆ ಶ್ರೀ ಕ್ಷೇತ್ರ ಧರ್ಮಸ್ಥಳ ಗ್ರಾಮಾಭಿವೃದ್ಧಿ ಯೋಜನೆ ವತಿಯಿಂದ ಮಂಗಳವಾರದಂದು ಒಂದು ಲಕ್ಷ ಮೊತ್ತದ ಡಿ ಡಿ ಯನ್ನು ಜಿಲ್ಲಾ ನಿರ್ದೇಶಕರಾದ ಪ್ರವೀಣ್, ದೇವಸ್ಥಾನ ಸಮಿತಿಯ ಅಧ್ಯಕ್ಷ ಪುಟ್ಟರಾಜು ಕಾರ್ಯದರ್ಶಿ ರಾಜಣ್ಣ,ಹನುಮಂತರಾಯಪ್ಪ, ಇವರಿಗೆ ಹಸ್ತಾಂತರಿಸಿದರು.
ಜಾಹೀರಾತು ಪತ್ರಿಕೆಗಳಿಗೆ
ಸಂಪರ್ಕಿಸಿ: 9901764372
ಕಾಮಗಾರಿ ನಡೆಸದೆ 55 ಕೋಟಿ ಹಣ ಬಿಡುಗಡೆ
ಬೆಂಗಳೂರು: ನಯಾ ಪೈಸೆಯಷ್ಟು ಕೆಲಸ ಮಾಡದೇ 47 ಕಾಮಗಾರಿಗಳಿಗೆ ಎರಡೆರಡು ಸಲ ಹಣ ಬಿಡುಗಡೆ ಮಾಡಿಕೊಂಡಿರುವ 55.32 ಕೋಟಿ ರೂ.ಗಳ ಬೃಹತ್ ಹಗರಣ ಹೊರಬಿದ್ದಿದೆ ಎಂದು ಪ್ರಕಾಶ ಸಂಶಿ ಜಮೀರ್ ಅಹಮದ್ ಪ್ರತಿನಿಧಿಸುವ ಚಾಮರಾಜಪೇಟೆ ಕ್ಷೇತ್ರದಲ್ಲಿ ನಡೆದಿದೆ ಎಂದು ಬಿಜೆಪಿ ಮುಖಂಡ ಎನ್.ಆರ್. ರಮೇಶ್ ಆರೋಪಿಸಿದ್ದಾರೆ. 2020-2022 ರ ಅವಧಿಯಲ್ಲಿ 47 ಕಾಮಗಾರಿಗಳಿಗೆ ಟೆಂಡರ್ ಕರೆದು, ಅದರಲ್ಲಿ 19 ಕಾಮಗಾರಿಗಳಿಗೆ ಕಾರ್ಯಾದೇಶ ನೀಡಿ 27,66,00,000 ರೂ.ಗಳನ್ನು ಬೃಹತ್ ಬೆಂಗಳೂರು ಮಹಾನಗರ ಪಾಲಿಕೆಯಿಂದ ಪಾವತಿಸಲಾಗಿದೆ. ನಂತರ 2024-25 ರಲ್ಲಿ ಮತ್ತೊಮ್ಮೆ ಅದೇ 47 ಕಾಮಗಾರಿಗಳಿಗೆ, ಅದೇ 19 ಮಂದಿ ಗುತ್ತಿಗೆದಾರರಿಗೆ 27,66,00,000 ರೂ.ಗಳನ್ನು ಬಿಡುಗಡೆ ಮಾಡಲಾಗಿದೆ.
ಎಂದು ಅವರು ಆರೋಪಿಸಿದ್ದಾರೆ. ಚಾಮರಾಜಪೇಟೆಯಲ್ಲಿ ಉಮೇಶ್, ರಾಘವೇಂದ್ರ, ವಿನೋದ್, ಫಾರ್ನ್ ರೆಡ್ಡಿ ಎಂಬ ಕಾರ್ಯಪಾಲಕ ಅಭಿಯಂತರರುಗಳು, ಸುರೇಶ್ ಎಂಬ ಸಹಾಯಕ ಅಭಿಯಂತರರು, ಹಾಗೂ ಪ್ರದೀಪ್, ದೀಪಕ್, ಕುಮಾರ್ ಸಿ., ಸೈಯದ್ ಸಮೀರ್, ನಿರಂಜನ್ ಕುಮಾರ್ ಎಂ. ಮುಂತಾದವರು ಈ ಅಕ್ರಮದಲ್ಲಿ ಭಾಗಿಯಾಗಿದ್ದಾರೆ. ನಂತರ ಆದೇ 47 ಕಾಮಗಾರಿಗಳಿಗೆ ಸಂಬಂಧಿಸಿದಂತೆ ನಕಲಿ ದಾಖಲೆಗಳನ್ನು ಸೃಷ್ಟಿಸಿ ಒಟ್ಟು 55,32,00,000 ರೂ.ಗಳನ್ನು ಬಿಡುಗಡೆ ಮಾಡಲಾಗಿದೆ. ಈ ಬಗ್ಗೆ ಲೋಕಾಯುಕ್ತ ಹಾಗೂ ಜಾರಿ ನಿರ್ದೇಶನಾಲಯಕ್ಕೆ ದೂರು ನೀಡಲಾಗಿದೆ. ಚಾಮರಾಜಪೇಟೆ ಕ್ಷೇತ್ರದ ಈ 47 ಕಾಮಗಾರಿಗಳಿಗೆ ಸಂಬಂಧಿಸಿದ ದಾಖಲೆಗಳನ್ನು ಪರಿಶೀಲಿಸಿದಾಗ ಈ ಅಕ್ರಮ ಬಯಲಾಗಿದೆ.
ಕಾಮಗಾರಿಗಳ ಛಾಯಾಚಿತ್ರಗಳನ್ನು ತೆಗೆದು ಈ 47 ಕಾಮಗಾರಿಗಳಿಗೆ ಸಂಬಂಧಿಸಿದ ಕಡತಗಳಲ್ಲಿ ಲಗತ್ತಿಸಲಾಗಿದೆ. ಈ ಎಲ್ಲಾ ಕಾಮಗಾರಿಗಳಿಗೆ ಕಾಂಗ್ರೆಸ್ ಸರ್ಕಾರದ ಅವಧಿಯಲ್ಲೇ ಹಣ ಬಿಡುಗಡೆ ಮಾಡಲಾಗಿದೆ. ಮಾತ್ರವಲ್ಲ, ಈ ಹಿಂದೆ 2015-16 ರಲ್ಲಿ ಅದೇ ಕಾಮಗಾರಿಗಳಿಗೆ 9,60,00,000 ರೂ.ಗಳನ್ನು ಬಿಡುಗಡೆ ಮಾಡಲಾಗಿತ್ತು. ಈ ಅಕ್ರಮದಲ್ಲಿ ಭಾಗಿಯಾಗಿರುವ ಅಧಿಕಾರಿಗಳು ಹಾಗೂ ಗುತ್ತಿಗೆದಾರರ ವಿರುದ್ಧ ಕ್ರಿಮಿನಲ್ ಮೊಕದ್ದಮೆ ದಾಖಲಿಸಿ, ಹಣವನ್ನು ವಸೂಲಿ ಮಾಡಬೇಕು ಎಂದು ಅವರು ಒತ್ತಾಯಿಸಿದ್ದಾರೆ.
ಛಾಟ ಆಯುಬ್ ಖಾನ್ ಅದ್ದಾರೆ ಎಂದು ಅವರು ಆರೋಪಿಸಿದ್ದಾರೆ. ಈ ಎಲ್ಲಾ ಕಾಮಗಾರಿಗಳನ್ನು ನಿರ್ವಹಿಸಿದ 12 ಮಂದಿ ಗುತ್ತಿಗೆದಾರರು ಹಾಗೂ 19 ಮಂದಿ ಅಧಿಕಾರಿಗಳ ವಿರುದ್ಧ ತನಿಖೆ ನಡೆಸಬೇಕು. ಈ ಕುರಿತು ಬಿಬಿಎಂಪಿ ಮುಖ್ಯ ಆಯುಕ್ತರಿಗೆ ಮನವಿ ಸಲ್ಲಿಸಲಾಗಿದೆ. ತಪ್ಪಿತಸ್ಥರ ವಿರುದ್ಧ ಕಠಿಣ ಕ್ರಮ ಕೈಗೊಳ್ಳದಿದ್ದರೆ ಹೋರಾಟ ನಡೆಸಲಾಗುವುದು ಎಂದು ರಮೇಶ್ ಎಚ್ಚರಿಸಿದ್ದಾರೆ. ಈ ಬಗ್ಗೆ ಸಮಗ್ರ ತನಿಖೆ ನಡೆಸಿ ಸತ್ಯಾಂಶ ಬಹಿರಂಗಪಡಿಸಬೇಕು ಎಂದು ಒತ್ತಾಯಿಸಿದರು.
Printed by: H.S. PARAMESH,7th Cross, Srirama Nagara, Tumakuru-572101,Tumakuru Dist. Karnataka, Published & Owned by: RAGHU A.N,New Extension, Arakere post, Tumakuru-572106, Printed at : SRI LAKSHMI NARASIMHA OFFSET PRINTERS,7th Cross,
Srirama Nagara, Tumakuru-572101,Tumakuru Dist. Karnataka. Published at : At New Extension, Arakere post, Tumakuru -572106, Tumakuru Dist, Karnataka. Editor : RAGHU A.N,New Extension, Arakere post, Tumakuru -572106, Tumakuru Dist, Karnataka.
